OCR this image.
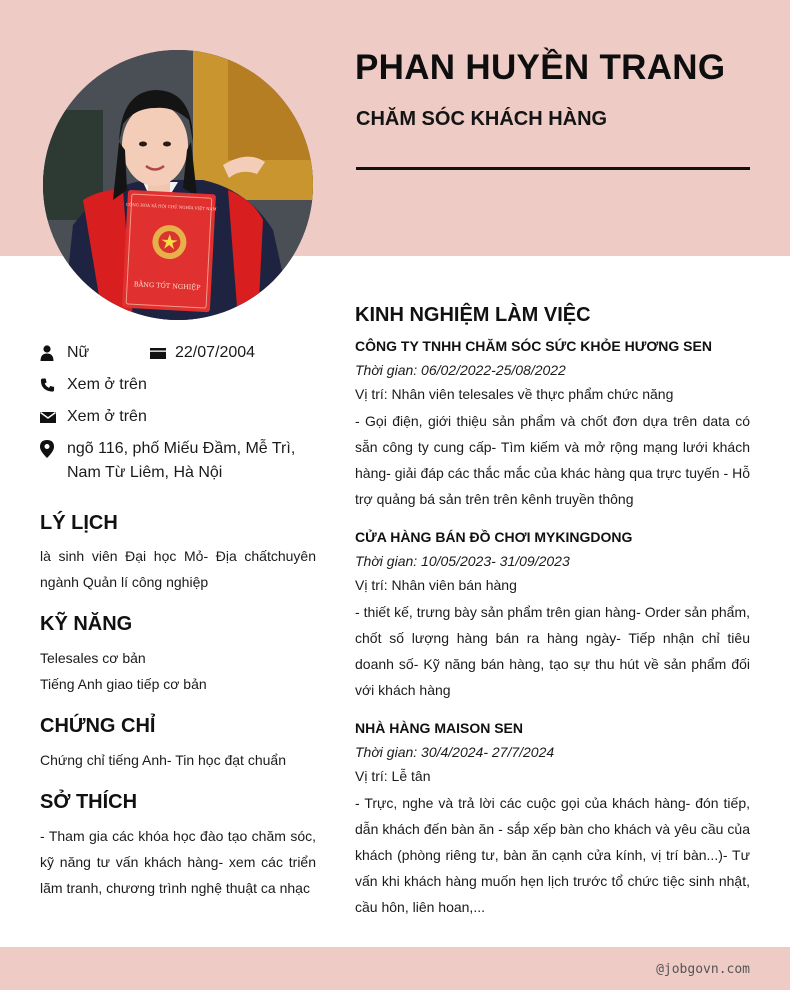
CỘNG HOÀ XÃ HỘI CHỦ NGHĨA VIỆT NAM
BẰNG TỐT NGHIỆP
PHAN HUYỀN TRANG
CHĂM SÓC KHÁCH HÀNG
Nữ	22/07/2004
Xem ở trên
Xem ở trên
ngõ 116, phố Miếu Đầm, Mễ Trì,
Nam Từ Liêm, Hà Nội
LÝ LỊCH

là sinh viên Đại học Mỏ- Địa chấtchuyên ngành Quản lí công nghiệp

KỸ NĂNG

Telesales cơ bản

Tiếng Anh giao tiếp cơ bản

CHỨNG CHỈ

Chứng chỉ tiếng Anh- Tin học đạt chuẩn

SỞ THÍCH

- Tham gia các khóa học đào tạo chăm sóc, kỹ năng tư vấn khách hàng- xem các triển lãm tranh, chương trình nghệ thuật ca nhạc

KINH NGHIỆM LÀM VIỆC

CÔNG TY TNHH CHĂM SÓC SỨC KHỎE HƯƠNG SEN

Thời gian: 06/02/2022-25/08/2022

Vị trí: Nhân viên telesales về thực phẩm chức năng

- Gọi điện, giới thiệu sản phẩm và chốt đơn dựa trên data có sẵn công ty cung cấp- Tìm kiếm và mở rộng mạng lưới khách hàng- giải đáp các thắc mắc của khác hàng qua trực tuyến - Hỗ trợ quảng bá sản trên trên kênh truyền thông

CỬA HÀNG BÁN ĐỒ CHƠI MYKINGDONG

Thời gian: 10/05/2023- 31/09/2023

Vị trí: Nhân viên bán hàng

- thiết kế, trưng bày sản phẩm trên gian hàng- Order sản phẩm, chốt số lượng hàng bán ra hàng ngày- Tiếp nhận chỉ tiêu doanh số- Kỹ năng bán hàng, tạo sự thu hút về sản phẩm đối với khách hàng

NHÀ HÀNG MAISON SEN

Thời gian: 30/4/2024- 27/7/2024

Vị trí: Lễ tân

- Trực, nghe và trả lời các cuộc gọi của khách hàng- đón tiếp, dẫn khách đến bàn ăn - sắp xếp bàn cho khách và yêu cầu của khách (phòng riêng tư, bàn ăn cạnh cửa kính, vị trí bàn...)- Tư vấn khi khách hàng muốn hẹn lịch trước tổ chức tiệc sinh nhật, cầu hôn, liên hoan,...

@jobgovn.com
